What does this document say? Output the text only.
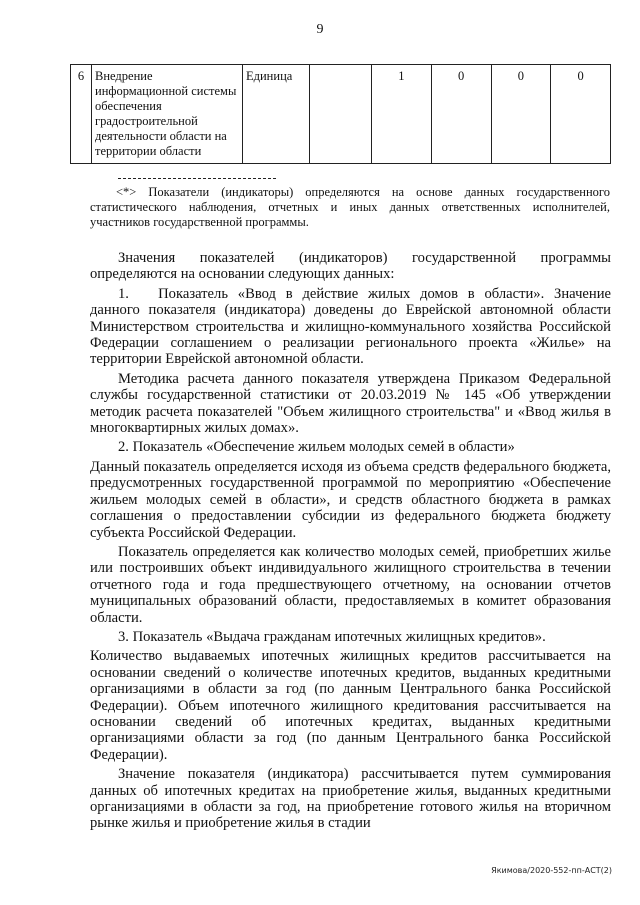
9
6	Внедрение информационной системы обеспечения градостроительной деятельности области на территории области	Единица		1	0	0	0
<*> Показатели (индикаторы) определяются на основе данных государственного статистического наблюдения, отчетных и иных данных ответственных исполнителей, участников государственной программы.

Значения показателей (индикаторов) государственной программы определяются на основании следующих данных:

1.  Показатель «Ввод в действие жилых домов в области». Значение данного показателя (индикатора) доведены до Еврейской автономной области Министерством строительства и жилищно-коммунального хозяйства Российской Федерации соглашением о реализации регионального проекта «Жилье» на территории Еврейской автономной области.

Методика расчета данного показателя утверждена Приказом Федеральной службы государственной статистики от 20.03.2019 № 145 «Об утверждении методик расчета показателей "Объем жилищного строительства" и «Ввод жилья в многоквартирных жилых домах».

2. Показатель «Обеспечение жильем молодых семей в области»

Данный показатель определяется исходя из объема средств федерального бюджета, предусмотренных государственной программой по мероприятию «Обеспечение жильем молодых семей в области», и средств областного бюджета в рамках соглашения о предоставлении субсидии из федерального бюджета бюджету субъекта Российской Федерации.

Показатель определяется как количество молодых семей, приобретших жилье или построивших объект индивидуального жилищного строительства в течении отчетного года и года предшествующего отчетному, на основании отчетов муниципальных образований области, предоставляемых в комитет образования области.

3. Показатель «Выдача гражданам ипотечных жилищных кредитов».

Количество выдаваемых ипотечных жилищных кредитов рассчитывается на основании сведений о количестве ипотечных кредитов, выданных кредитными организациями в области за год (по данным Центрального банка Российской Федерации). Объем ипотечного жилищного кредитования рассчитывается на основании сведений об ипотечных кредитах, выданных кредитными организациями области за год (по данным Центрального банка Российской Федерации).

Значение показателя (индикатора) рассчитывается путем суммирования данных об ипотечных кредитах на приобретение жилья, выданных кредитными организациями в области за год, на приобретение готового жилья на вторичном рынке жилья и приобретение жилья в стадии

Якимова/2020-552-пп-АСТ(2)
